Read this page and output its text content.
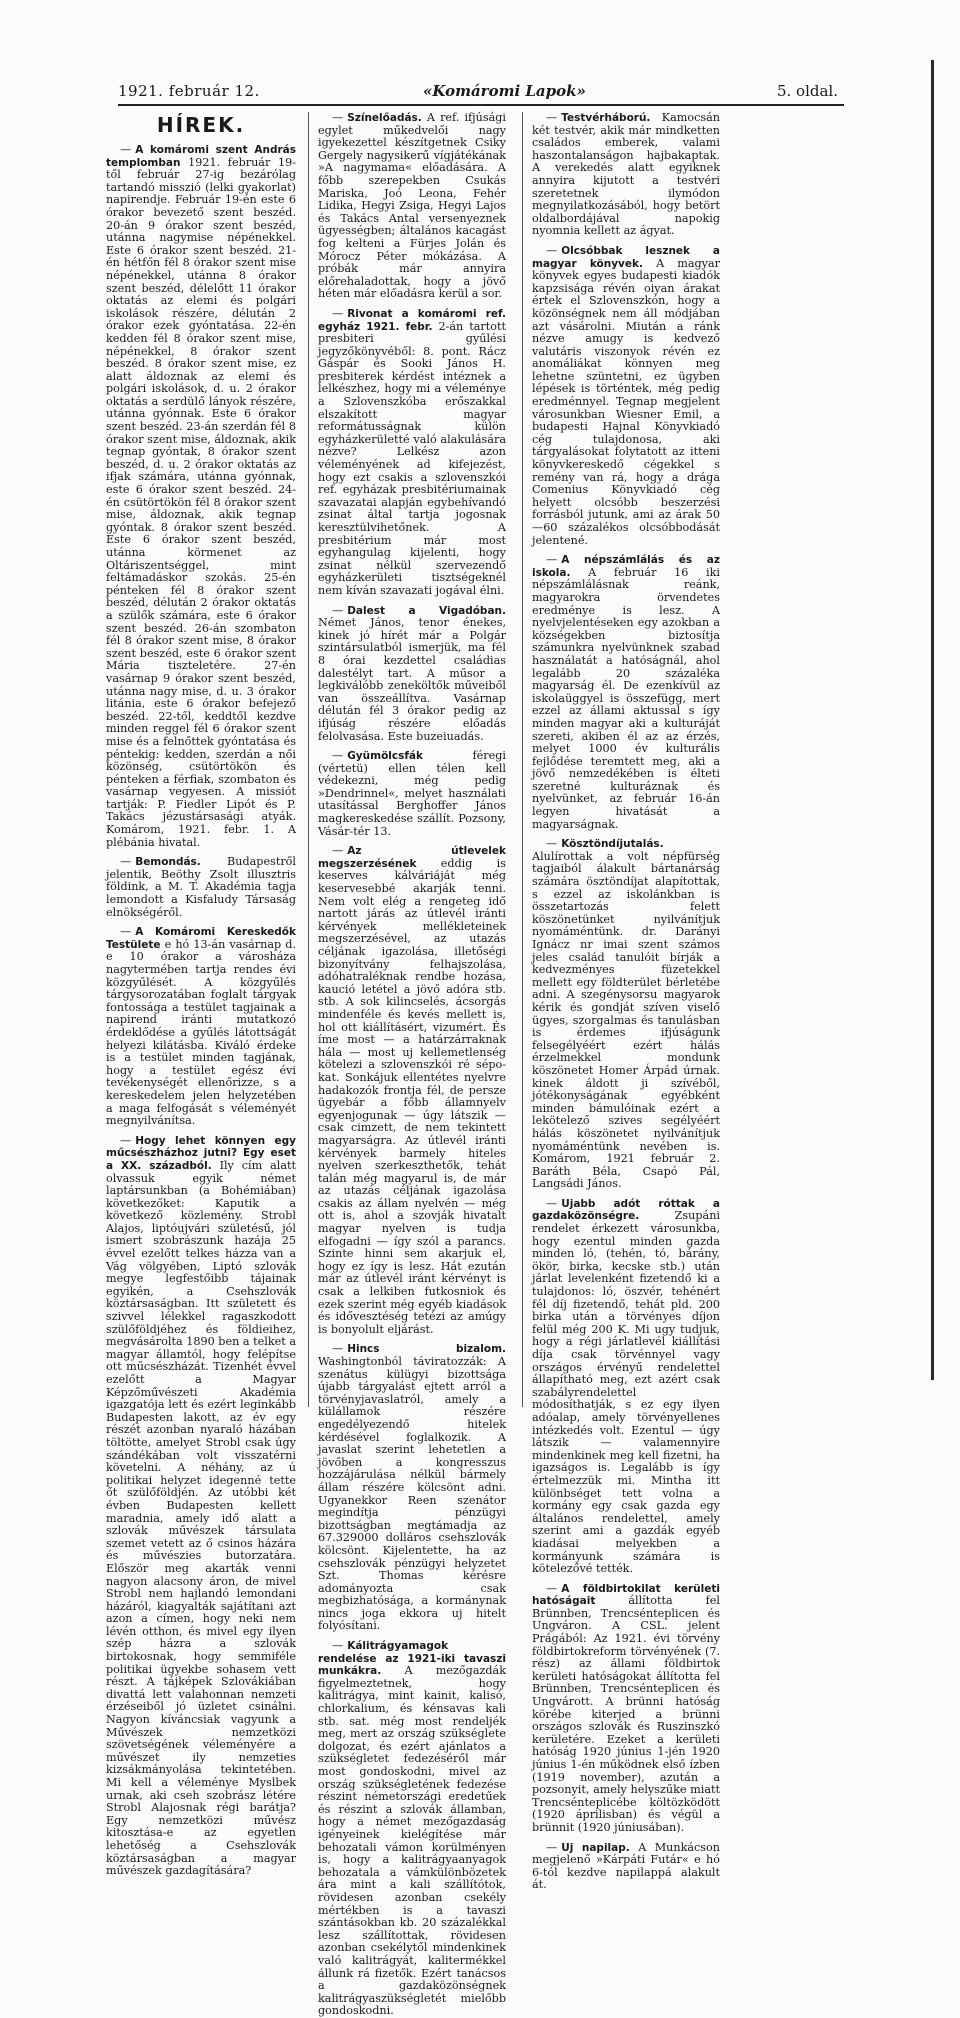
1921. február 12.	«Komáromi Lapok»	5. oldal.
HÍREK.

— A komáromi szent András templomban 1921. február 19-től február 27-ig bezárólag tartandó misszió (lelki gyakorlat) napirendje. Február 19-én este 6 órakor bevezető szent beszéd. 20-án 9 órakor szent beszéd, utánna nagymise népénekkel. Este 6 órakor szent beszéd. 21-én hétfőn fél 8 órakor szent mise népénekkel, utánna 8 órakor szent beszéd, délelőtt 11 órakor oktatás az elemi és polgári iskolások részére, délután 2 órakor ezek gyóntatása. 22-én kedden fél 8 órakor szent mise, népénekkel, 8 órakor szent beszéd. 8 órakor szent mise, ez alatt áldoznak az elemi és polgári iskolások, d. u. 2 órakor oktatás a serdülő lányok részére, utánna gyónnak. Este 6 órakor szent beszéd. 23-án szerdán fél 8 órakor szent mise, áldoznak, akik tegnap gyóntak, 8 órakor szent beszéd, d. u. 2 órakor oktatás az ifjak számára, utánna gyónnak, este 6 órakor szent beszéd. 24-én csütörtökön fél 8 órakor szent mise, áldoznak, akik tegnap gyóntak. 8 órakor szent beszéd. Este 6 órakor szent beszéd, utánna körmenet az Oltáriszentséggel, mint feltámadáskor szokás. 25-én pénteken fél 8 órakor szent beszéd, délután 2 órakor oktatás a szülők számára, este 6 órakor szent beszéd. 26-án szombaton fél 8 órakor szent mise, 8 órakor szent beszéd, este 6 órakor szent Mária tiszteletére. 27-én vasárnap 9 órakor szent beszéd, utánna nagy mise, d. u. 3 órakor litánia, este 6 órakor befejező beszéd. 22-től, keddtől kezdve minden reggel fél 6 órakor szent mise és a felnőttek gyóntatása és péntekig: kedden, szerdán a női közönség, csütörtökön és pénteken a férfiak, szombaton és vasárnap vegyesen. A missiót tartják: P. Fiedler Lipót és P. Takács jézustársasági atyák. Komárom, 1921. febr. 1. A plébánia hivatal.

— Bemondás. Budapestről jelentik, Beöthy Zsolt illusztris földink, a M. T. Akadémia tagja lemondott a Kisfaludy Társaság elnökségéről.

— A Komáromi Kereskedők Testülete e hó 13-án vasárnap d. e 10 órakor a városháza nagytermében tartja rendes évi közgyűlését. A közgyűlés tárgysorozatában foglalt tárgyak fontossága a testület tagjainak a napirend iránti mutatkozó érdeklődése a gyűlés látottságát helyezi kilátásba. Kiváló érdeke is a testület minden tagjának, hogy a testület egész évi tevékenységét ellenőrizze, s a kereskedelem jelen helyzetében a maga felfogását s véleményét megnyilvánítsa.

— Hogy lehet könnyen egy műcsészházhoz jutni? Egy eset a XX. századból. Ily cím alatt olvassuk egyik német laptársunkban (a Bohémiában) következőket: Kaputik a következő közlemény. Strobl Alajos, liptóujvári születésű, jól ismert szobrászunk hazája 25 évvel ezelőtt telkes házza van a Vág völgyében, Liptó szlovák megye legfestőibb tájainak egyikén, a Csehszlovák köztársaságban. Itt született és szivvel lélekkel ragaszkodott szülőföldjéhez és földieihez, megvásárolta 1890 ben a telket a magyar államtól, hogy felépítse ott műcsészházát. Tizenhét évvel ezelőtt a Magyar Képzőművészeti Akadémia igazgatója lett és ezért leginkább Budapesten lakott, az év egy részét azonban nyaraló házában töltötte, amelyet Strobl csak úgy szándékában volt visszatérni követelni. A néhány, az ú politikai helyzet idegenné tette őt szülőföldjén. Az utóbbi két évben Budapesten kellett maradnia, amely idő alatt a szlovák művészek társulata szemet vetett az ő csinos házára és művészies butorzatára. Először meg akarták venni nagyon alacsony áron, de mivel Strobl nem hajlandó lemondani házáról, kiagyalták sajátítani azt azon a címen, hogy neki nem lévén otthon, és mivel egy ilyen szép házra a szlovák birtokosnak, hogy semmiféle politikai ügyekbe sohasem vett részt. A tájképek Szlovákiában divattá lett valahonnan nemzeti érzéseiből jó üzletet csinálni. Nagyon kíváncsiak vagyunk a Művészek nemzetközi szövetségének véleményére a művészet ily nemzeties kizsákmányolása tekintetében. Mi kell a véleménye Myslbek urnak, aki cseh szobrász létére Strobl Alajosnak régi barátja? Egy nemzetközi művész kitosztása-e az egyetlen lehetőség a Csehszlovák köztársaságban a magyar művészek gazdagítására?

— Színelőadás. A ref. ifjúsági egylet műkedvelői nagy igyekezettel készítgetnek Csiky Gergely nagysikerű vígjátékának »A nagymama« előadására. A főbb szerepekben Csukás Mariska, Joó Leona, Fehér Lidika, Hegyi Zsiga, Hegyi Lajos és Takács Antal versenyeznek ügyességben; általános kacagást fog kelteni a Fürjes Jolán és Mórocz Péter mókázása. A próbák már annyira előrehaladottak, hogy a jövő héten már előadásra kerül a sor.

— Rivonat a komáromi ref. egyház 1921. febr. 2-án tartott presbiteri gyűlési jegyzőkönyvéből: 8. pont. Rácz Gáspár és Sooki János H. presbiterek kérdést intéznek a lelkészhez, hogy mi a véleménye a Szlovenszkóba erőszakkal elszakított magyar reformátusságnak külön egyházkerületté való alakulására nézve? Lelkész azon véleményének ad kifejezést, hogy ezt csakis a szlovenszkói ref. egyházak presbitériumainak szavazatai alapján egybehívandó zsinat által tartja jogosnak keresztülvihetőnek. A presbitérium már most egyhangulag kijelenti, hogy zsinat nélkül szervezendő egyházkerületi tisztségeknél nem kíván szavazati jogával élni.

— Dalest a Vigadóban. Német János, tenor énekes, kinek jó hírét már a Polgár szintársulatból ismerjük, ma fél 8 órai kezdettel családias dalestélyt tart. A műsor a legkiválóbb zeneköltők műveiből van összeállítva. Vasárnap délután fél 3 órakor pedig az ifjúság részére előadás felolvasása. Este buzeiuadás.

— Gyümölcsfák	féregi (vértetü) ellen télen kell védekezni, még pedig »Dendrinnel«, melyet használati utasítással Berghoffer János magkereskedése szállít. Pozsony, Vásár-tér 13.

— Az útlevelek megszerzésének eddig is keserves kálváriáját még keservesebbé akarják tenni. Nem volt elég a rengeteg idő nartott járás az útlevél iránti kérvények mellékleteinek megszerzésével, az utazás céljának igazolása, illetőségi bizonyítvány felhajszolása, adóhatraléknak rendbe hozása, kaució letétel a jövő adóra stb. stb. A sok kilincselés, ácsorgás mindenféle és kevés mellett is, hol ott kiállításért, vizumért. És íme most — a határzárraknak hála — most uj kellemetlenség kötelezi a szlovenszkói ré sépo-kat. Sonkájuk ellentétes nyelvre hadakozók frontja fél, de persze ügyebár a főbb államnyelv egyenjogunak — úgy látszik — csak cimzett, de nem tekintett magyarságra. Az útlevél iránti kérvények barmely hiteles nyelven szerkeszthetők, tehát talán még magyarul is, de már az utazás céljának igazolása csakis az állam nyelvén — még ott is, ahol a szovják hivatalt magyar nyelven is tudja elfogadni — így szól a parancs. Szinte hinni sem akarjuk el, hogy ez így is lesz. Hát ezután már az útlevél iránt kérvényt is csak a lelkiben futkosniok és ezek szerint még egyéb kiadások és idővesztéség tetézi az amúgy is bonyolult eljárást.

— Hincs bizalom. Washingtonból táviratozzák: A szenátus külügyi bizottsága újabb tárgyalást ejtett arról a törvényjavaslatról, amely a külállamok részére engedélyezendő hitelek kérdésével foglalkozik. A javaslat szerint lehetetlen a jövőben a kongresszus hozzájárulása nélkül bármely állam részére kölcsönt adni. Ugyanekkor Reen szenátor megindítja pénzügyi bizottságban megtámadja az 67.329000 dolláros csehszlovák kölcsönt. Kijelentette, ha az csehszlovák pénzügyi helyzetet Szt. Thomas kérésre adományozta csak megbizhatósága, a kormánynak nincs joga ekkora uj hitelt folyósítani.

— Kálitrágyamagok rendelése az 1921-iki tavaszi munkákra. A mezőgazdák figyelmeztetnek, hogy kalitrágya, mint kainit, kalisó, chlorkalium, és kénsavas kali stb. sat. még most rendeljék meg, mert az ország szükséglete dolgozat, és ezért ajánlatos a szükségletet fedezéséről már most gondoskodni, mivel az ország szükségletének fedezése részint németországi eredetűek és részint a szlovák államban, hogy a német mezőgazdaság igényeinek kielégítése már behozatali vámon korülményen is, hogy a kalitrágyaanyagok behozatala a vámkülönbözetek ára mint a kali szállítótok, rövidesen azonban csekély mértékben is a tavaszi szántásokban kb. 20 százalékkal lesz szállítottak, rövidesen azonban csekélytől mindenkinek való kalitrágyát, kalitermékkel állunk rá fizetők. Ezért tanácsos a gazdaközönségnek kalitrágyaszükségletét mielőbb gondoskodni.

— Testvérháború. Kamocsán két testvér, akik már mindketten családos emberek, valami haszontalanságon hajbakaptak. A verekedés alatt egyiknek annyira kijutott a testvéri szeretetnek ilymódon megnyilatkozásából, hogy betört oldalbordájával napokig nyomnia kellett az ágyat.

— Olcsóbbak lesznek a magyar könyvek. A magyar könyvek egyes budapesti kiadók kapzsisága révén oiyan árakat értek el Szlovenszkón, hogy a közönségnek nem áll módjában azt vásárolni. Miután a ránk nézve amugy is kedvező valutáris viszonyok révén ez anomáliákat könnyen meg lehetne szüntetni, ez ügyben lépések is történtek, még pedig eredménnyel. Tegnap megjelent városunkban Wiesner Emil, a budapesti Hajnal Könyvkiadó cég tulajdonosa, aki tárgyalásokat folytatott az itteni könyvkereskedő cégekkel s remény van rá, hogy a drága Comenius Könyvkiadó cég helyett olcsóbb beszerzési forrásból jutunk, ami az árak 50—60 százalékos olcsóbbodását jelentené.

— A népszámlálás és az iskola. A február 16 iki népszámlálásnak reánk, magyarokra örvendetes eredménye is lesz. A nyelvjelentéseken egy azokban a községekben biztosítja számunkra nyelvünknek szabad használatát a hatóságnál, ahol legalább 20 százaléka magyarság él. De ezenkívül az iskolaüggyel is összefügg, mert ezzel az állami aktussal s így minden magyar aki a kulturáját szereti, akiben él az az érzés, melyet 1000 év kulturális fejlődése teremtett meg, aki a jövő nemzedékében is élteti szeretné kulturáznak és nyelvünket, az február 16-án legyen hivatását a magyarságnak.

— Kösztöndíjutalás. Alulírottak a volt népfürség tagjaiból álakult bártanárság számára ösztöndíjat alapítottak, s ezzel az iskolánkban is összetartozás felett köszönetünket nyilvánítjuk nyomáméntünk. dr. Darányi Ignácz nr imai szent számos jeles család tanulóit bírják a kedvezményes füzetekkel mellett egy földterület bérletébe adni. A szegénysorsu magyarok kérik és gondját szíven viselő ügyes, szorgalmas és tanulásban is érdemes ifjúságunk felsegélyéért ezért hálás érzelmekkel mondunk köszönetet Homer Árpád úrnak. kinek áldott ji szívéből, jótékonyságának egyébként minden bámulóinak ezért a lekötelező szives segélyéért hálás köszönetet nyilvánítjuk nyomáméntünk nevében is. Komárom, 1921 február 2. Baráth Béla, Csapó Pál, Langsádi János.

— Ujabb adót róttak a gazdaközönségre.	Zsupáni rendelet érkezett városunkba, hogy ezentul minden gazda minden ló, (tehén, tó, bárány, ökör, birka, kecske stb.) után járlat levelenként fizetendő ki a tulajdonos: ló, öszvér, tehénért fél díj fizetendő, tehát pld. 200 birka után a törvényes díjon felül még 200 K. Mi ugy tudjuk, hogy a régi járlatlevél kiállítási díja csak törvénnyel vagy országos érvényű rendelettel állapítható meg, ezt azért csak szabályrendelettel módosíthatják, s ez egy ilyen adóalap, amely törvényellenes intézkedés volt. Ezentul — úgy látszik — valamennyire mindenkinek meg kell fizetni, ha igazságos is. Legalább is így értelmezzük mi. Mintha itt különbséget tett volna a kormány egy csak gazda egy általános rendelettel, amely szerint ami a gazdák egyéb kiadásai melyekben a kormányunk számára is kötelezővé tették.

— A földbirtokilat kerületi hatóságait	állította fel Brünnben, Trencsénteplicen és Ungváron. A CSL. jelent Prágából: Az 1921. évi törvény földbirtokreform törvényének (7. rész) az állami földbirtok kerületi hatóságokat állította fel Brünnben, Trencsénteplicen és Ungvárott. A brünni hatóság körébe kiterjed a brünni országos szlovák és Ruszinszkó kerületére. Ezeket a kerületi hatóság 1920 június 1-jén 1920 június 1-én működnek első ízben (1919 november), azután a pozsonyit, amely helyszűke miatt Trencsénteplicébe költözködött (1920 áprilisban) és végül a brünnit (1920 júniusában).

— Uj napilap. A Munkácson megjelenő »Kárpáti Futár« e hó 6-tól kezdve napilappá alakult át.
